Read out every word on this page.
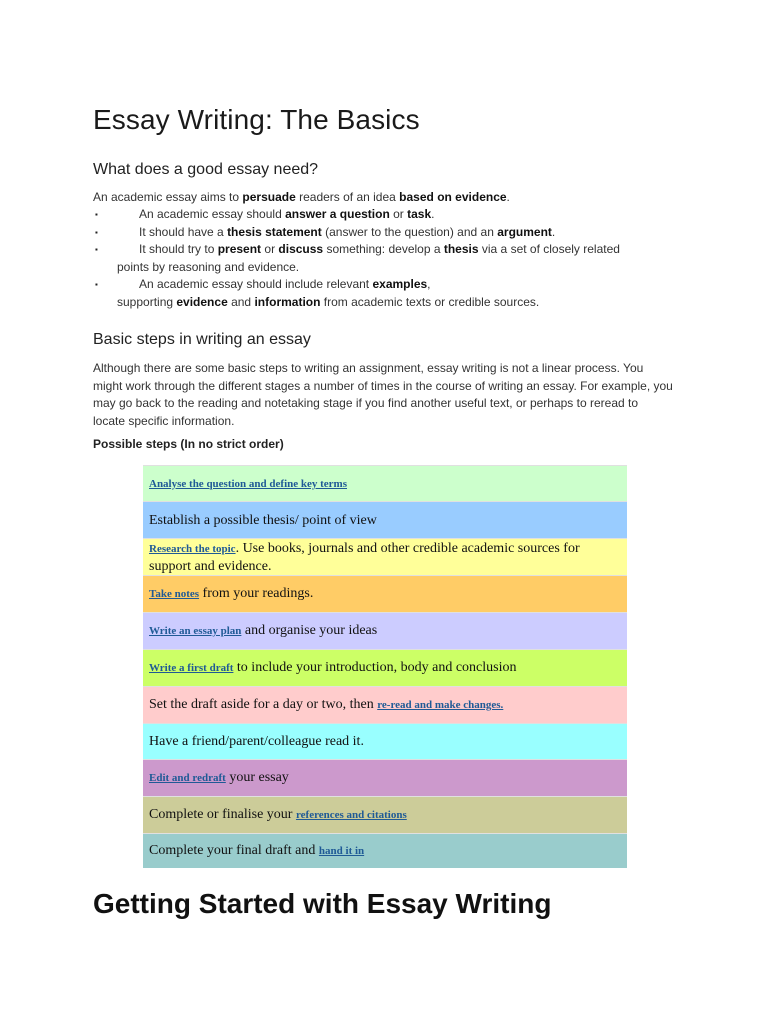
Essay Writing: The Basics
What does a good essay need?
An academic essay aims to persuade readers of an idea based on evidence.
▪	An academic essay should answer a question or task.
▪	It should have a thesis statement (answer to the question) and an argument.
▪	It should try to present or discuss something: develop a thesis via a set of closely related
points by reasoning and evidence.
▪	An academic essay should include relevant examples,
supporting evidence and information from academic texts or credible sources.
Basic steps in writing an essay
Although there are some basic steps to writing an assignment, essay writing is not a linear process. You might work through the different stages a number of times in the course of writing an essay. For example, you may go back to the reading and notetaking stage if you find another useful text, or perhaps to reread to locate specific information.
Possible steps (In no strict order)
Getting Started with Essay Writing
Analyse the question and define key terms
Establish a possible thesis/ point of view
Research the topic. Use books, journals and other credible academic sources for support and evidence.
Take notes from your readings.
Write an essay plan and organise your ideas
Write a first draft to include your introduction, body and conclusion
Set the draft aside for a day or two, then re-read and make changes.
Have a friend/parent/colleague read it.
Edit and redraft your essay
Complete or finalise your references and citations
Complete your final draft and hand it in
